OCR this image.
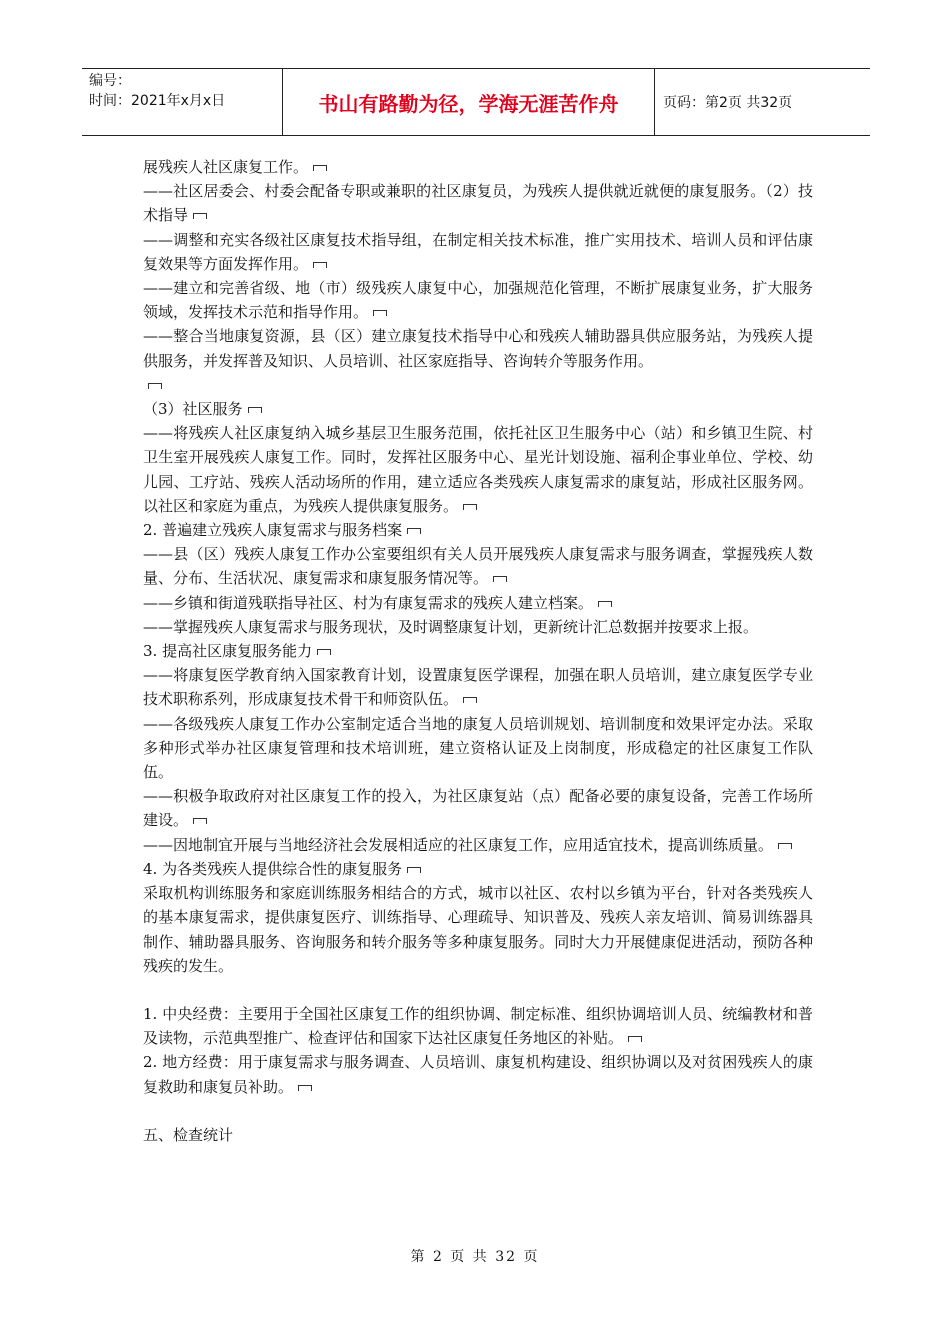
编号：
时间：2021年x月x日	书山有路勤为径，学海无涯苦作舟	页码：第2页 共32页

展残疾人社区康复工作。

——社区居委会、村委会配备专职或兼职的社区康复员，为残疾人提供就近就便的康复服务。（2）技术指导

——调整和充实各级社区康复技术指导组，在制定相关技术标准，推广实用技术、培训人员和评估康复效果等方面发挥作用。

——建立和完善省级、地（市）级残疾人康复中心，加强规范化管理，不断扩展康复业务，扩大服务领域，发挥技术示范和指导作用。

——整合当地康复资源，县（区）建立康复技术指导中心和残疾人辅助器具供应服务站，为残疾人提供服务，并发挥普及知识、人员培训、社区家庭指导、咨询转介等服务作用。

（3）社区服务

——将残疾人社区康复纳入城乡基层卫生服务范围，依托社区卫生服务中心（站）和乡镇卫生院、村卫生室开展残疾人康复工作。同时，发挥社区服务中心、星光计划设施、福利企事业单位、学校、幼儿园、工疗站、残疾人活动场所的作用，建立适应各类残疾人康复需求的康复站，形成社区服务网。以社区和家庭为重点，为残疾人提供康复服务。

2. 普遍建立残疾人康复需求与服务档案

——县（区）残疾人康复工作办公室要组织有关人员开展残疾人康复需求与服务调查，掌握残疾人数量、分布、生活状况、康复需求和康复服务情况等。

——乡镇和街道残联指导社区、村为有康复需求的残疾人建立档案。

——掌握残疾人康复需求与服务现状，及时调整康复计划，更新统计汇总数据并按要求上报。

3. 提高社区康复服务能力

——将康复医学教育纳入国家教育计划，设置康复医学课程，加强在职人员培训，建立康复医学专业技术职称系列，形成康复技术骨干和师资队伍。

——各级残疾人康复工作办公室制定适合当地的康复人员培训规划、培训制度和效果评定办法。采取多种形式举办社区康复管理和技术培训班，建立资格认证及上岗制度，形成稳定的社区康复工作队伍。

——积极争取政府对社区康复工作的投入，为社区康复站（点）配备必要的康复设备，完善工作场所建设。

——因地制宜开展与当地经济社会发展相适应的社区康复工作，应用适宜技术，提高训练质量。

4. 为各类残疾人提供综合性的康复服务

采取机构训练服务和家庭训练服务相结合的方式，城市以社区、农村以乡镇为平台，针对各类残疾人的基本康复需求，提供康复医疗、训练指导、心理疏导、知识普及、残疾人亲友培训、简易训练器具制作、辅助器具服务、咨询服务和转介服务等多种康复服务。同时大力开展健康促进活动，预防各种残疾的发生。

1. 中央经费：主要用于全国社区康复工作的组织协调、制定标准、组织协调培训人员、统编教材和普及读物，示范典型推广、检查评估和国家下达社区康复任务地区的补贴。

2. 地方经费：用于康复需求与服务调查、人员培训、康复机构建设、组织协调以及对贫困残疾人的康复救助和康复员补助。

五、检查统计

第 2 页 共 32 页
